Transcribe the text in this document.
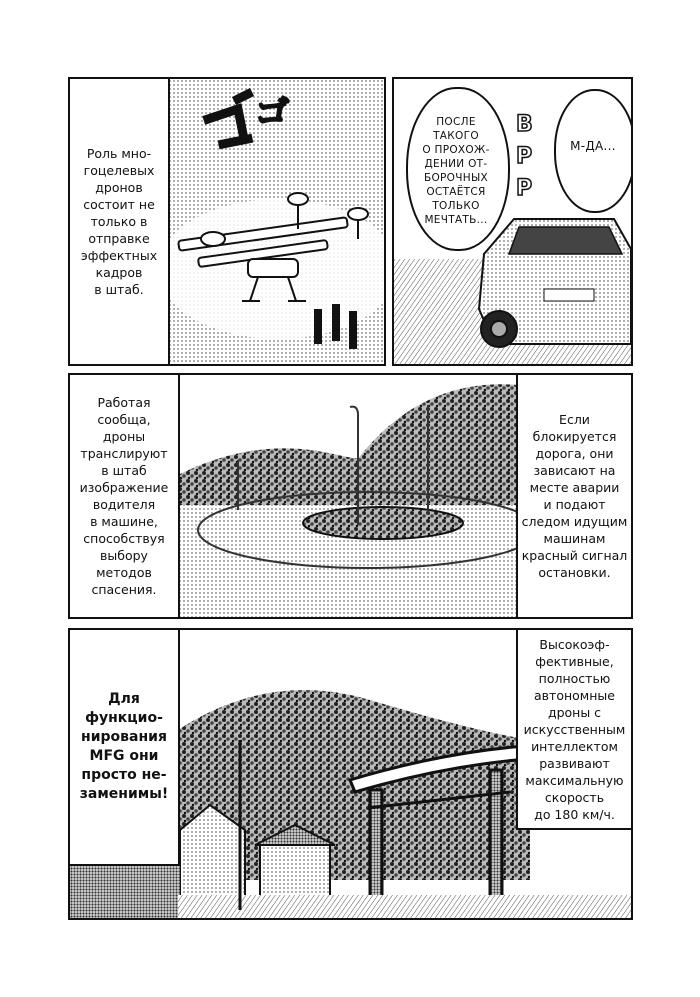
Роль мно-
гоцелевых
дронов
состоит не
только в
отправке
эффектных
кадров
в штаб.
ПОСЛЕ
ТАКОГО
О ПРОХОЖ-
ДЕНИИ ОТ-
БОРОЧНЫХ
ОСТАЁТСЯ
ТОЛЬКО
МЕЧТАТЬ...
М-ДА...
ВРР
Работая
сообща,
дроны
транслируют
в штаб
изображение
водителя
в машине,
способствуя
выбору
методов
спасения.
Если
блокируется
дорога, они
зависают на
месте аварии
и подают
следом идущим
машинам
красный сигнал
остановки.
Для
функцио-
нирования
MFG они
просто не-
заменимы!
Высокоэф-
фективные,
полностью
автономные
дроны с
искусственным
интеллектом
развивают
максимальную
скорость
до 180 км/ч.
ゴ
